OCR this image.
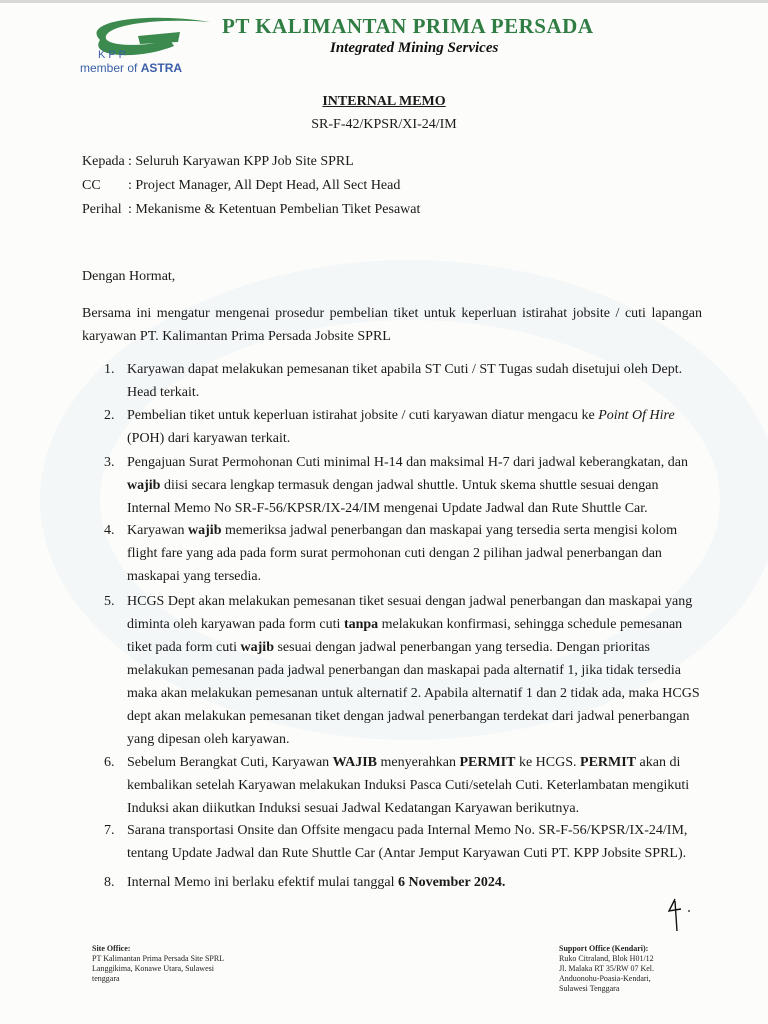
KPP
member of ASTRA
PT KALIMANTAN PRIMA PERSADA
Integrated Mining Services
INTERNAL MEMO
SR-F-42/KPSR/XI-24/IM
Kepada : Seluruh Karyawan KPP Job Site SPRL
CC : Project Manager, All Dept Head, All Sect Head
Perihal : Mekanisme & Ketentuan Pembelian Tiket Pesawat
Dengan Hormat,
Bersama ini mengatur mengenai prosedur pembelian tiket untuk keperluan istirahat jobsite / cuti lapangan karyawan PT. Kalimantan Prima Persada Jobsite SPRL
1. Karyawan dapat melakukan pemesanan tiket apabila ST Cuti / ST Tugas sudah disetujui oleh Dept.
Head terkait.
2. Pembelian tiket untuk keperluan istirahat jobsite / cuti karyawan diatur mengacu ke Point Of Hire
(POH) dari karyawan terkait.
3. Pengajuan Surat Permohonan Cuti minimal H-14 dan maksimal H-7 dari jadwal keberangkatan, dan
wajib diisi secara lengkap termasuk dengan jadwal shuttle. Untuk skema shuttle sesuai dengan
Internal Memo No SR-F-56/KPSR/IX-24/IM mengenai Update Jadwal dan Rute Shuttle Car.
4. Karyawan wajib memeriksa jadwal penerbangan dan maskapai yang tersedia serta mengisi kolom
flight fare yang ada pada form surat permohonan cuti dengan 2 pilihan jadwal penerbangan dan
maskapai yang tersedia.
5. HCGS Dept akan melakukan pemesanan tiket sesuai dengan jadwal penerbangan dan maskapai yang
diminta oleh karyawan pada form cuti tanpa melakukan konfirmasi, sehingga schedule pemesanan
tiket pada form cuti wajib sesuai dengan jadwal penerbangan yang tersedia. Dengan prioritas
melakukan pemesanan pada jadwal penerbangan dan maskapai pada alternatif 1, jika tidak tersedia
maka akan melakukan pemesanan untuk alternatif 2. Apabila alternatif 1 dan 2 tidak ada, maka HCGS
dept akan melakukan pemesanan tiket dengan jadwal penerbangan terdekat dari jadwal penerbangan
yang dipesan oleh karyawan.
6. Sebelum Berangkat Cuti, Karyawan WAJIB menyerahkan PERMIT ke HCGS. PERMIT akan di
kembalikan setelah Karyawan melakukan Induksi Pasca Cuti/setelah Cuti. Keterlambatan mengikuti
Induksi akan diikutkan Induksi sesuai Jadwal Kedatangan Karyawan berikutnya.
7. Sarana transportasi Onsite dan Offsite mengacu pada Internal Memo No. SR-F-56/KPSR/IX-24/IM,
tentang Update Jadwal dan Rute Shuttle Car (Antar Jemput Karyawan Cuti PT. KPP Jobsite SPRL).
8. Internal Memo ini berlaku efektif mulai tanggal 6 November 2024.
Site Office:
PT Kalimantan Prima Persada Site SPRL
Langgikima, Konawe Utara, Sulawesi
tenggara
Support Office (Kendari):
Ruko Citraland, Blok H01/12
Jl. Malaka RT 35/RW 07 Kel.
Anduonohu-Poasia-Kendari,
Sulawesi Tenggara
